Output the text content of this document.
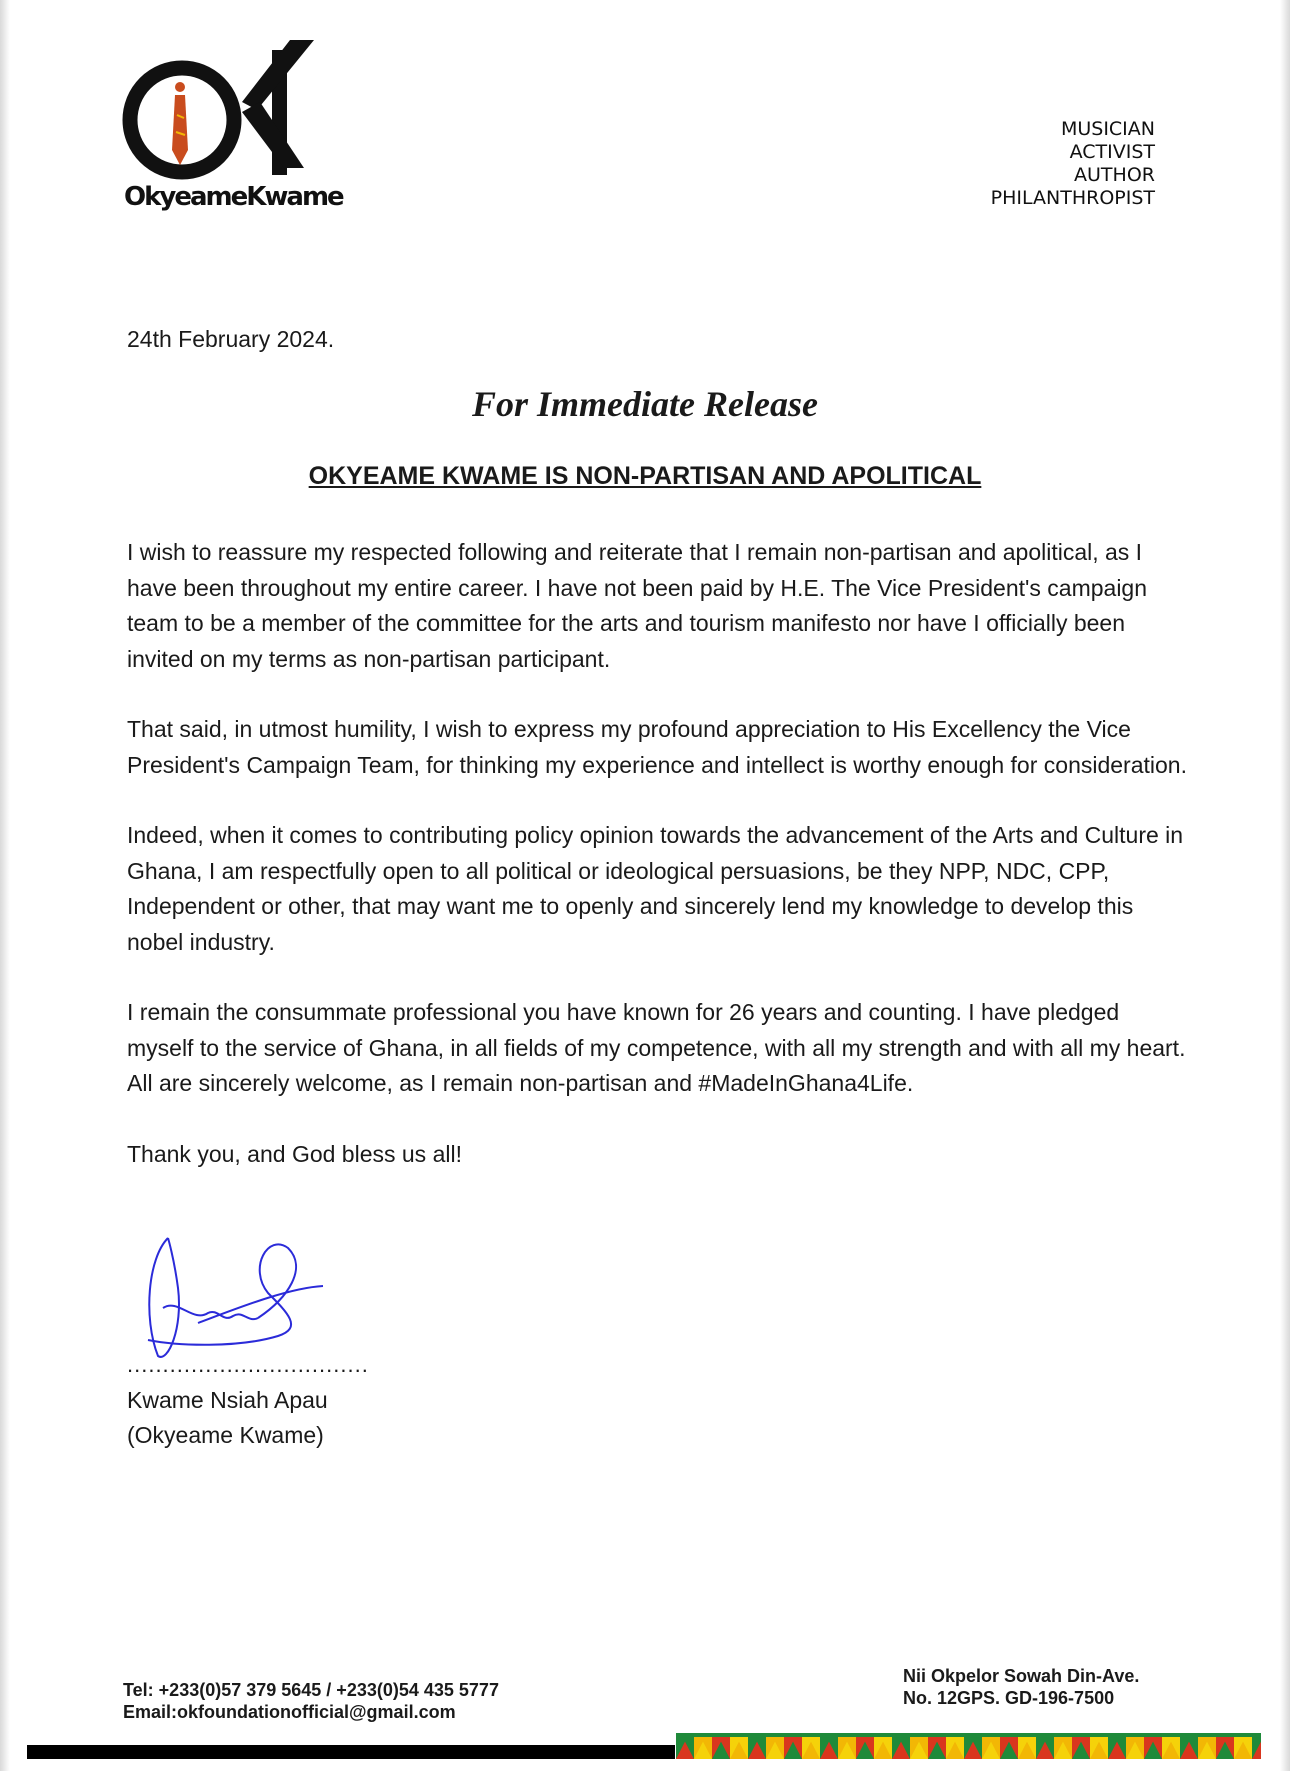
OkyeameKwame
MUSICIAN
ACTIVIST
AUTHOR
PHILANTHROPIST
24th February 2024.
For Immediate Release
OKYEAME KWAME IS NON-PARTISAN AND APOLITICAL

I wish to reassure my respected following and reiterate that I remain non-partisan and apolitical, as I have been throughout my entire career. I have not been paid by H.E. The Vice President's campaign team to be a member of the committee for the arts and tourism manifesto nor have I officially been invited on my terms as non-partisan participant.

That said, in utmost humility, I wish to express my profound appreciation to His Excellency the Vice President's Campaign Team, for thinking my experience and intellect is worthy enough for consideration.

Indeed, when it comes to contributing policy opinion towards the advancement of the Arts and Culture in Ghana, I am respectfully open to all political or ideological persuasions, be they NPP, NDC, CPP, Independent or other, that may want me to openly and sincerely lend my knowledge to develop this nobel industry.

I remain the consummate professional you have known for 26 years and counting. I have pledged myself to the service of Ghana, in all fields of my competence, with all my strength and with all my heart. All are sincerely welcome, as I remain non-partisan and #MadeInGhana4Life.

Thank you, and God bless us all!

..................................
Kwame Nsiah Apau
(Okyeame Kwame)
Tel: +233(0)57 379 5645 / +233(0)54 435 5777
Email:okfoundationofficial@gmail.com
Nii Okpelor Sowah Din-Ave.
No. 12GPS. GD-196-7500
